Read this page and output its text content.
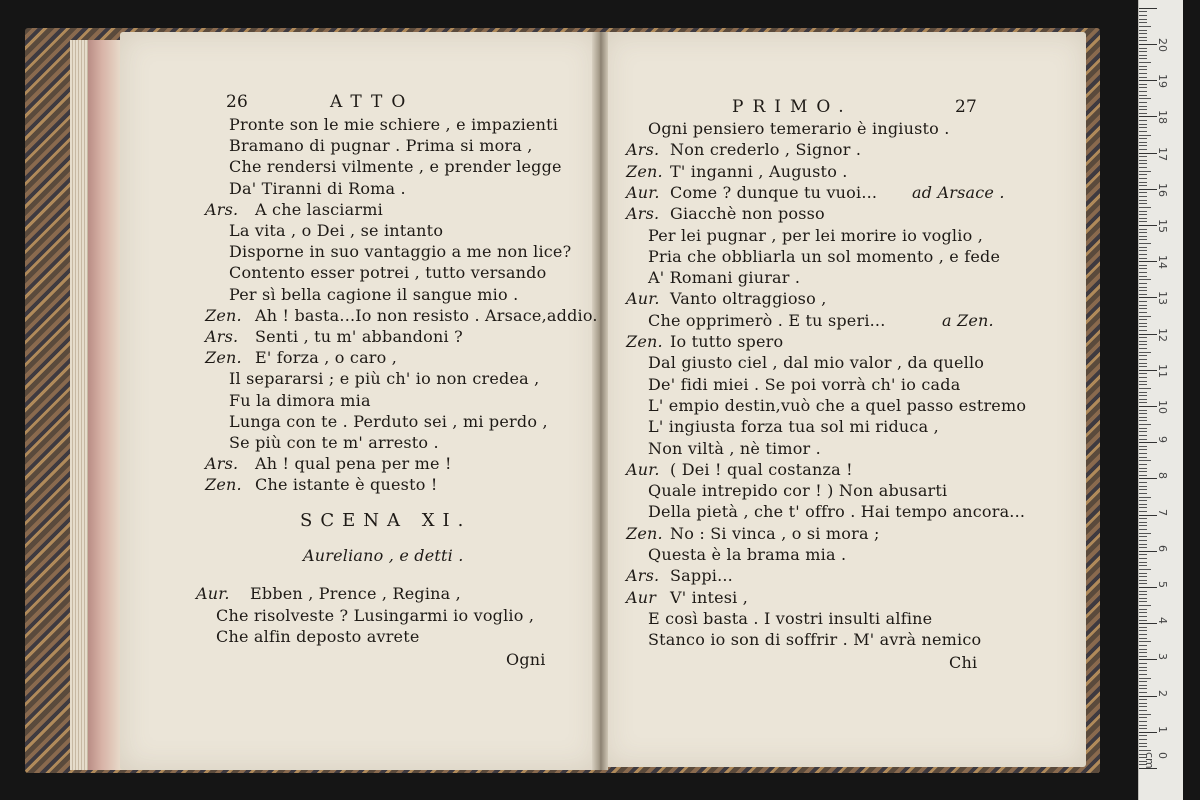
26	ATTO
Pronte son le mie schiere , e impazienti
Bramano di pugnar . Prima si mora ,
Che rendersi vilmente , e prender legge
Da' Tiranni di Roma .
Ars. A che lasciarmi
La vita , o Dei , se intanto
Disporne in suo vantaggio a me non lice?
Contento esser potrei , tutto versando
Per sì bella cagione il sangue mio .
Zen. Ah ! basta...Io non resisto . Arsace,addio.
Ars. Senti , tu m' abbandoni ?
Zen. E' forza , o caro ,
Il separarsi ; e più ch' io non credea ,
Fu la dimora mia
Lunga con te . Perduto sei , mi perdo ,
Se più con te m' arresto .
Ars. Ah ! qual pena per me !
Zen. Che istante è questo !
SCENA XI.
Aureliano , e detti .
Aur. Ebben , Prence , Regina ,
Che risolveste ? Lusingarmi io voglio ,
Che alfin deposto avrete
Ogni
PRIMO.	27
Ogni pensiero temerario è ingiusto .
Ars. Non crederlo , Signor .
Zen. T' inganni , Augusto .
Aur. Come ? dunque tu vuoi... ad Arsace .
Ars. Giacchè non posso
Per lei pugnar , per lei morire io voglio ,
Pria che obbliarla un sol momento , e fede
A' Romani giurar .
Aur. Vanto oltraggioso ,
Che opprimerò . E tu speri...	a Zen.
Zen. Io tutto spero
Dal giusto ciel , dal mio valor , da quello
De' fidi miei . Se poi vorrà ch' io cada
L' empio destin,vuò che a quel passo estremo
L' ingiusta forza tua sol mi riduca ,
Non viltà , nè timor .
Aur. ( Dei ! qual costanza !
Quale intrepido cor ! ) Non abusarti
Della pietà , che t' offro . Hai tempo ancora...
Zen. No : Si vinca , o si mora ;
Questa è la brama mia .
Ars. Sappi...
Aur V' intesi ,
E così basta . I vostri insulti alfine
Stanco io son di soffrir . M' avrà nemico
Chi
0 cm
1
2
3
4
5
6
7
8
9
10
11
12
13
14
15
16
17
18
19
20
